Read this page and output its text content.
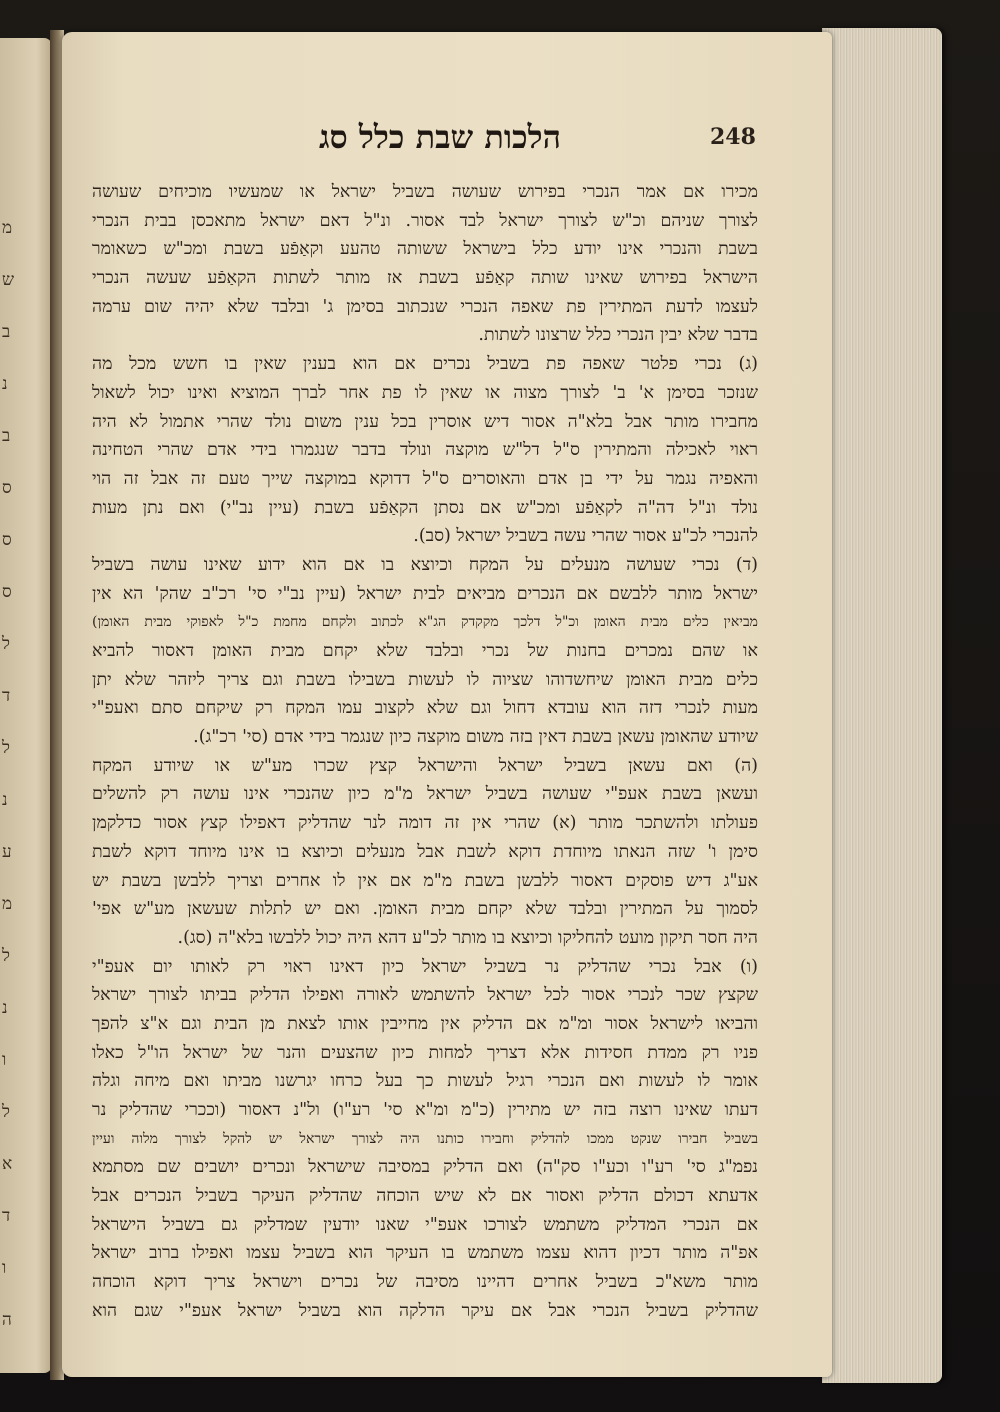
מ
ש
ב
נ
ב
ס
ס
ס
ל
ד
ל
נ
ע
מ
ל
נ
ו
ל
א
ד
ו
ה
הלכות שבת כלל סג	248
מכירו אם אמר הנכרי בפירוש שעושה בשביל ישראל או שמעשיו מוכיחים שעושה
לצורך שניהם וכ"ש לצורך ישראל לבד אסור. ונ"ל דאם ישראל מתאכסן בבית הנכרי
בשבת והנכרי אינו יודע כלל בישראל ששותה טהעע וקאַפֿע בשבת ומכ"ש כשאומר
הישראל בפירוש שאינו שותה קאַפֿע בשבת אז מותר לשתות הקאַפֿע שעשה הנכרי
לעצמו לדעת המתירין פת שאפה הנכרי שנכתוב בסימן ג' ובלבד שלא יהיה שום ערמה
בדבר שלא יבין הנכרי כלל שרצונו לשתות.
(ג) נכרי פלטר שאפה פת בשביל נכרים אם הוא בענין שאין בו חשש מכל מה
שנזכר בסימן א' ב' לצורך מצוה או שאין לו פת אחר לברך המוציא ואינו יכול לשאול
מחבירו מותר אבל בלא"ה אסור דיש אוסרין בכל ענין משום נולד שהרי אתמול לא היה
ראוי לאכילה והמתירין ס"ל דל"ש מוקצה ונולד בדבר שנגמרו בידי אדם שהרי הטחינה
והאפיה נגמר על ידי בן אדם והאוסרים ס"ל דדוקא במוקצה שייך טעם זה אבל זה הוי
נולד ונ"ל דה"ה לקאַפֿע ומכ"ש אם נסתן הקאַפֿע בשבת (עיין נב"י) ואם נתן מעות
להנכרי לכ"ע אסור שהרי עשה בשביל ישראל (סב).
(ד) נכרי שעושה מנעלים על המקח וכיוצא בו אם הוא ידוע שאינו עושה בשביל
ישראל מותר ללבשם אם הנכרים מביאים לבית ישראל (עיין נב"י סי' רכ"ב שהק' הא אין
מביאין כלים מבית האומן וכ"ל דלכך מקקדק הג"א לכתוב ולקחם מחמת כ"ל לאפוקי מבית האומן)
או שהם נמכרים בחנות של נכרי ובלבד שלא יקחם מבית האומן דאסור להביא
כלים מבית האומן שיחשדוהו שציוה לו לעשות בשבילו בשבת וגם צריך ליזהר שלא יתן
מעות לנכרי דזה הוא עובדא דחול וגם שלא לקצוב עמו המקח רק שיקחם סתם ואעפ"י
שיודע שהאומן עשאן בשבת דאין בזה משום מוקצה כיון שנגמר בידי אדם (סי' רכ"ג).
(ה) ואם עשאן בשביל ישראל והישראל קצץ שכרו מע"ש או שיודע המקח
ועשאן בשבת אעפ"י שעושה בשביל ישראל מ"מ כיון שהנכרי אינו עושה רק להשלים
פעולתו ולהשתכר מותר (א) שהרי אין זה דומה לנר שהדליק דאפילו קצץ אסור כדלקמן
סימן ו' שזה הנאתו מיוחדת דוקא לשבת אבל מנעלים וכיוצא בו אינו מיוחד דוקא לשבת
אע"ג דיש פוסקים דאסור ללבשן בשבת מ"מ אם אין לו אחרים וצריך ללבשן בשבת יש
לסמוך על המתירין ובלבד שלא יקחם מבית האומן. ואם יש לתלות שעשאן מע"ש אפי'
היה חסר תיקון מועט להחליקו וכיוצא בו מותר לכ"ע דהא היה יכול ללבשו בלא"ה (סג).
(ו) אבל נכרי שהדליק נר בשביל ישראל כיון דאינו ראוי רק לאותו יום אעפ"י
שקצץ שכר לנכרי אסור לכל ישראל להשתמש לאורה ואפילו הדליק בביתו לצורך ישראל
והביאו לישראל אסור ומ"מ אם הדליק אין מחייבין אותו לצאת מן הבית וגם א"צ להפך
פניו רק ממדת חסידות אלא דצריך למחות כיון שהצעים והנר של ישראל הו"ל כאלו
אומר לו לעשות ואם הנכרי רגיל לעשות כך בעל כרחו יגרשנו מביתו ואם מיחה וגלה
דעתו שאינו רוצה בזה יש מתירין (כ"מ ומ"א סי' רע"ו) ול"נ דאסור (וככרי שהדליק נר
בשביל חבירו שנקט ממכו להדליק וחבירו כותנו היה לצורך ישראל יש להקל לצורך מלוה ועיין
נפמ"ג סי' רע"ו וכע"ו סק"ה) ואם הדליק במסיבה שישראל ונכרים יושבים שם מסתמא
אדעתא דכולם הדליק ואסור אם לא שיש הוכחה שהדליק העיקר בשביל הנכרים אבל
אם הנכרי המדליק משתמש לצורכו אעפ"י שאנו יודעין שמדליק גם בשביל הישראל
אפ"ה מותר דכיון דהוא עצמו משתמש בו העיקר הוא בשביל עצמו ואפילו ברוב ישראל
מותר משא"כ בשביל אחרים דהיינו מסיבה של נכרים וישראל צריך דוקא הוכחה
שהדליק בשביל הנכרי אבל אם עיקר הדלקה הוא בשביל ישראל אעפ"י שגם הוא
